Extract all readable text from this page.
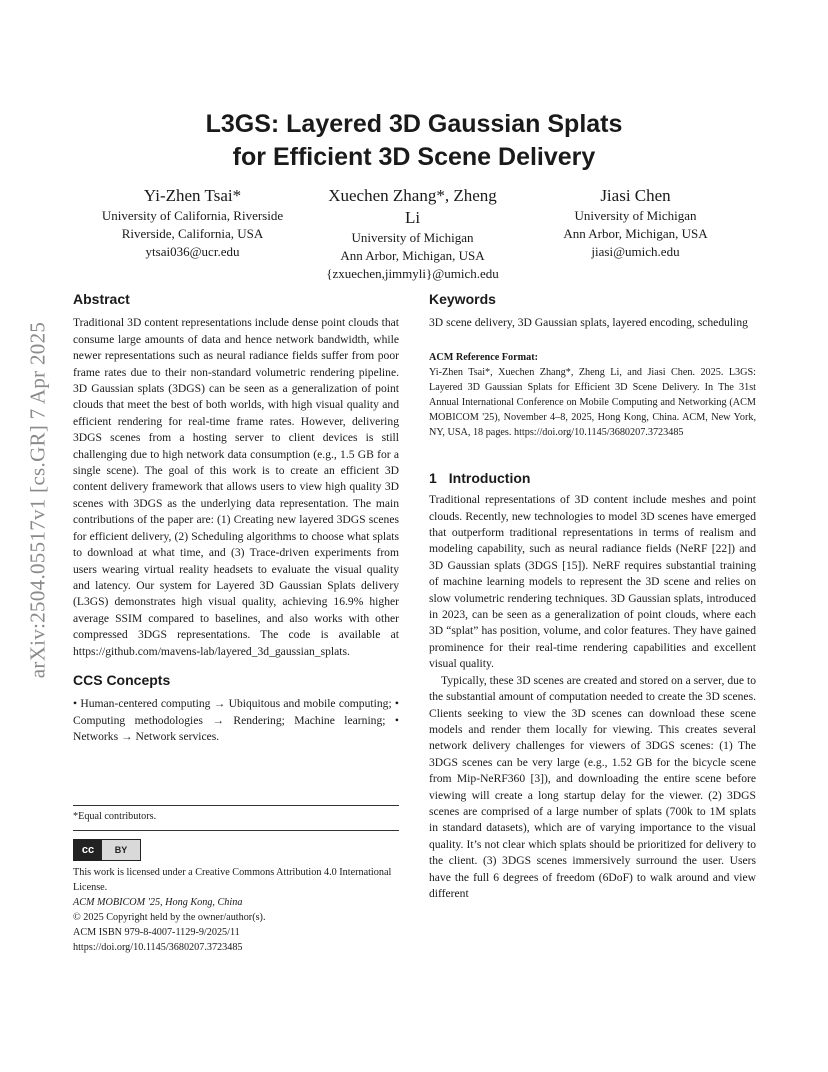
arXiv:2504.05517v1 [cs.GR] 7 Apr 2025
L3GS: Layered 3D Gaussian Splats
for Efficient 3D Scene Delivery
Yi-Zhen Tsai*
University of California, Riverside
Riverside, California, USA
ytsai036@ucr.edu
Xuechen Zhang*, Zheng
Li
University of Michigan
Ann Arbor, Michigan, USA
{zxuechen,jimmyli}@umich.edu
Jiasi Chen
University of Michigan
Ann Arbor, Michigan, USA
jiasi@umich.edu
Abstract

Traditional 3D content representations include dense point clouds that consume large amounts of data and hence network bandwidth, while newer representations such as neural radiance fields suffer from poor frame rates due to their non-standard volumetric rendering pipeline. 3D Gaussian splats (3DGS) can be seen as a generalization of point clouds that meet the best of both worlds, with high visual quality and efficient rendering for real-time frame rates. However, delivering 3DGS scenes from a hosting server to client devices is still challenging due to high network data consumption (e.g., 1.5 GB for a single scene). The goal of this work is to create an efficient 3D content delivery framework that allows users to view high quality 3D scenes with 3DGS as the underlying data representation. The main contributions of the paper are: (1) Creating new layered 3DGS scenes for efficient delivery, (2) Scheduling algorithms to choose what splats to download at what time, and (3) Trace-driven experiments from users wearing virtual reality headsets to evaluate the visual quality and latency. Our system for Layered 3D Gaussian Splats delivery (L3GS) demonstrates high visual quality, achieving 16.9% higher average SSIM compared to baselines, and also works with other compressed 3DGS representations. The code is available at https://github.com/mavens-lab/layered_3d_gaussian_splats.

CCS Concepts

• Human-centered computing → Ubiquitous and mobile computing; • Computing methodologies → Rendering; Machine learning; • Networks → Network services.

*Equal contributors.
cc	BY
This work is licensed under a Creative Commons Attribution 4.0 International License.
ACM MOBICOM '25, Hong Kong, China
© 2025 Copyright held by the owner/author(s).
ACM ISBN 979-8-4007-1129-9/2025/11
https://doi.org/10.1145/3680207.3723485
Keywords

3D scene delivery, 3D Gaussian splats, layered encoding, scheduling

ACM Reference Format:

Yi-Zhen Tsai*, Xuechen Zhang*, Zheng Li, and Jiasi Chen. 2025. L3GS: Layered 3D Gaussian Splats for Efficient 3D Scene Delivery. In The 31st Annual International Conference on Mobile Computing and Networking (ACM MOBICOM '25), November 4–8, 2025, Hong Kong, China. ACM, New York, NY, USA, 18 pages. https://doi.org/10.1145/3680207.3723485

1 Introduction

Traditional representations of 3D content include meshes and point clouds. Recently, new technologies to model 3D scenes have emerged that outperform traditional representations in terms of realism and modeling capability, such as neural radiance fields (NeRF [22]) and 3D Gaussian splats (3DGS [15]). NeRF requires substantial training of machine learning models to represent the 3D scene and relies on slow volumetric rendering techniques. 3D Gaussian splats, introduced in 2023, can be seen as a generalization of point clouds, where each 3D “splat” has position, volume, and color features. They have gained prominence for their real-time rendering capabilities and excellent visual quality.

Typically, these 3D scenes are created and stored on a server, due to the substantial amount of computation needed to create the 3D scenes. Clients seeking to view the 3D scenes can download these scene models and render them locally for viewing. This creates several network delivery challenges for viewers of 3DGS scenes: (1) The 3DGS scenes can be very large (e.g., 1.52 GB for the bicycle scene from Mip-NeRF360 [3]), and downloading the entire scene before viewing will create a long startup delay for the viewer. (2) 3DGS scenes are comprised of a large number of splats (700k to 1M splats in standard datasets), which are of varying importance to the visual quality. It’s not clear which splats should be prioritized for delivery to the client. (3) 3DGS scenes immersively surround the user. Users have the full 6 degrees of freedom (6DoF) to walk around and view different
